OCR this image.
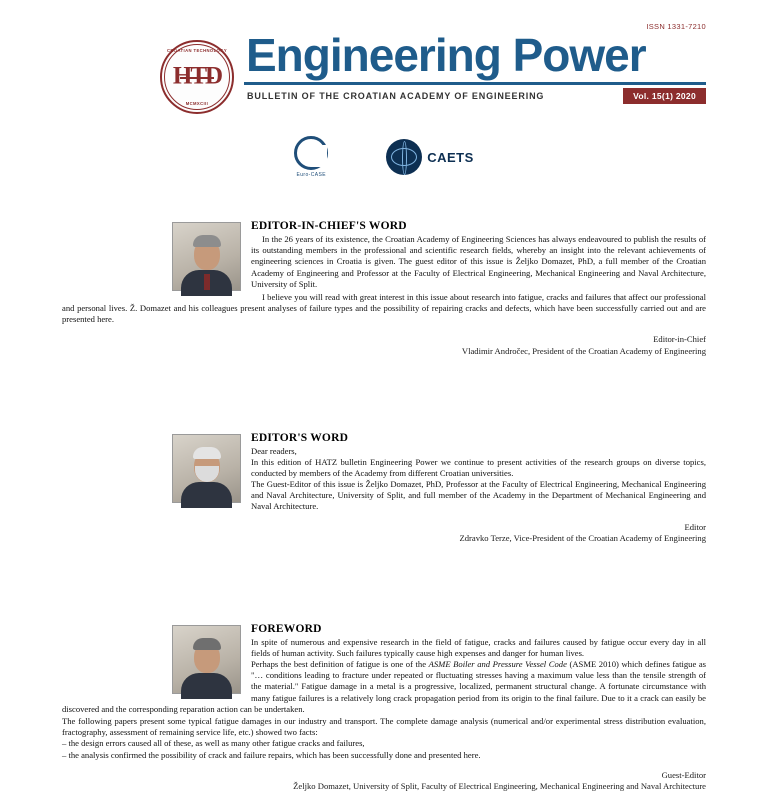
CROATIAN TECHNOLOGY
HTD
MCMXCIII
ISSN 1331-7210
Engineering Power
BULLETIN OF THE CROATIAN ACADEMY OF ENGINEERING	Vol. 15(1) 2020
Euro-CASE
CAETS
EDITOR-IN-CHIEF'S WORD

In the 26 years of its existence, the Croatian Academy of Engineering Sciences has always endeavoured to publish the results of its outstanding members in the professional and scientific research fields, whereby an insight into the relevant achievements of engineering sciences in Croatia is given. The guest editor of this issue is Željko Domazet, PhD, a full member of the Croatian Academy of Engineering and Professor at the Faculty of Electrical Engineering, Mechanical Engineering and Naval Architecture, University of Split.

I believe you will read with great interest in this issue about research into fatigue, cracks and failures that affect our professional and personal lives. Ž. Domazet and his colleagues present analyses of failure types and the possibility of repairing cracks and defects, which have been successfully carried out and are presented here.

Editor-in-Chief
Vladimir Andročec, President of the Croatian Academy of Engineering
EDITOR'S WORD

Dear readers,

In this edition of HATZ bulletin Engineering Power we continue to present activities of the research groups on diverse topics, conducted by members of the Academy from different Croatian universities.

The Guest-Editor of this issue is Željko Domazet, PhD, Professor at the Faculty of Electrical Engineering, Mechanical Engineering and Naval Architecture, University of Split, and full member of the Academy in the Department of Mechanical Engineering and Naval Architecture.

Editor
Zdravko Terze, Vice-President of the Croatian Academy of Engineering
FOREWORD

In spite of numerous and expensive research in the field of fatigue, cracks and failures caused by fatigue occur every day in all fields of human activity. Such failures typically cause high expenses and danger for human lives.

Perhaps the best definition of fatigue is one of the ASME Boiler and Pressure Vessel Code (ASME 2010) which defines fatigue as "… conditions leading to fracture under repeated or fluctuating stresses having a maximum value less than the tensile strength of the material." Fatigue damage in a metal is a progressive, localized, permanent structural change. A fortunate circumstance with many fatigue failures is a relatively long crack propagation period from its origin to the final failure. Due to it a crack can easily be discovered and the corresponding reparation action can be undertaken.

The following papers present some typical fatigue damages in our industry and transport. The complete damage analysis (numerical and/or experimental stress distribution evaluation, fractography, assessment of remaining service life, etc.) showed two facts:

– the design errors caused all of these, as well as many other fatigue cracks and failures,

– the analysis confirmed the possibility of crack and failure repairs, which has been successfully done and presented here.

Guest-Editor
Željko Domazet, University of Split, Faculty of Electrical Engineering, Mechanical Engineering and Naval Architecture
